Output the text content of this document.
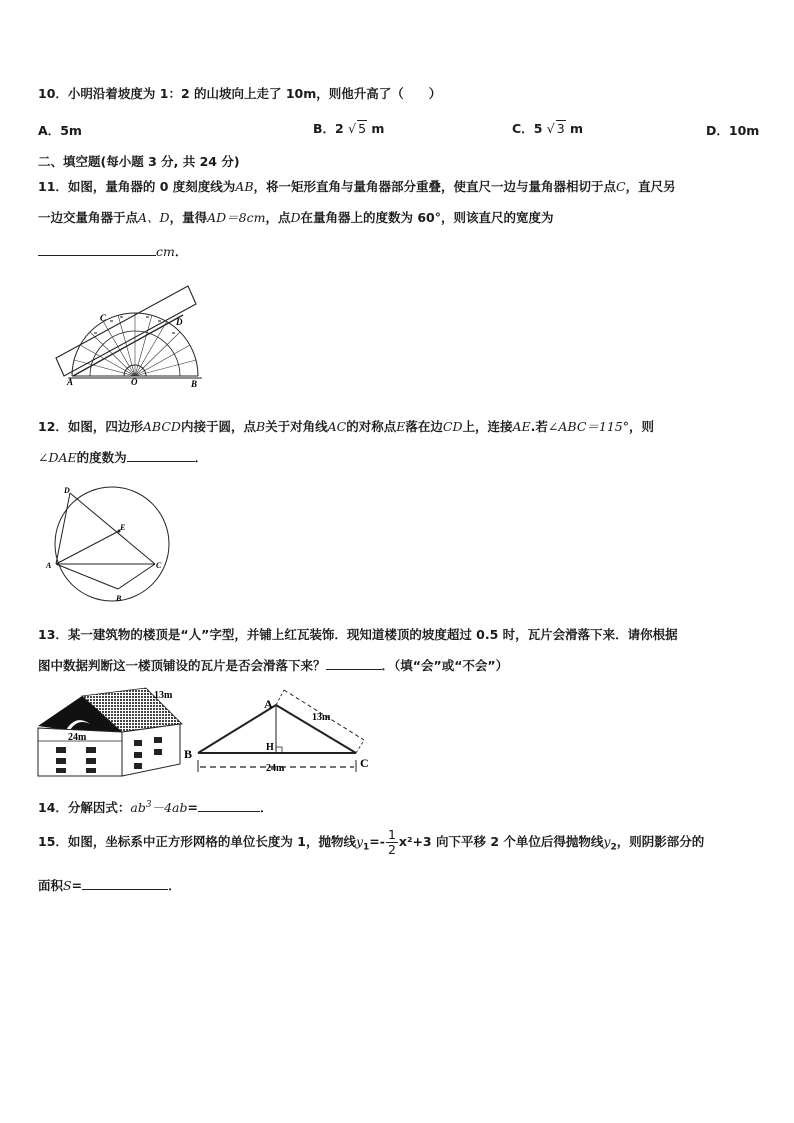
10．小明沿着坡度为 1：2 的山坡向上走了 10m，则他升高了（　　）
A．5m	B．2 √ 5 m	C．5 √ 3 m	D．10m
二、填空题(每小题 3 分, 共 24 分)
11．如图，量角器的 0 度刻度线为AB，将一矩形直角与量角器部分重叠，使直尺一边与量角器相切于点C，直尺另
一边交量角器于点A、D，量得AD＝8cm，点D在量角器上的度数为 60°，则该直尺的宽度为
cm．
A	B
C	D
O
12．如图，四边形ABCD内接于圆，点B关于对角线AC的对称点E落在边CD上，连接AE.若∠ABC＝115°，则
∠DAE的度数为	．
D
E
A	C
B
13．某一建筑物的楼顶是“人”字型，并铺上红瓦装饰．现知道楼顶的坡度超过 0.5 时，瓦片会滑落下来．请你根据
图中数据判断这一楼顶铺设的瓦片是否会滑落下来？	．（填“会”或“不会”）
13m
24m
A
B
C
H
13m
24m
14．分解因式：$ab^3-4ab=$	．
15．如图，坐标系中正方形网格的单位长度为 1，抛物线$y_1=- \frac{1}{2} x^2+3$ 向下平移 2 个单位后得抛物线$y_2$，则阴影部分的
面积S=	．
